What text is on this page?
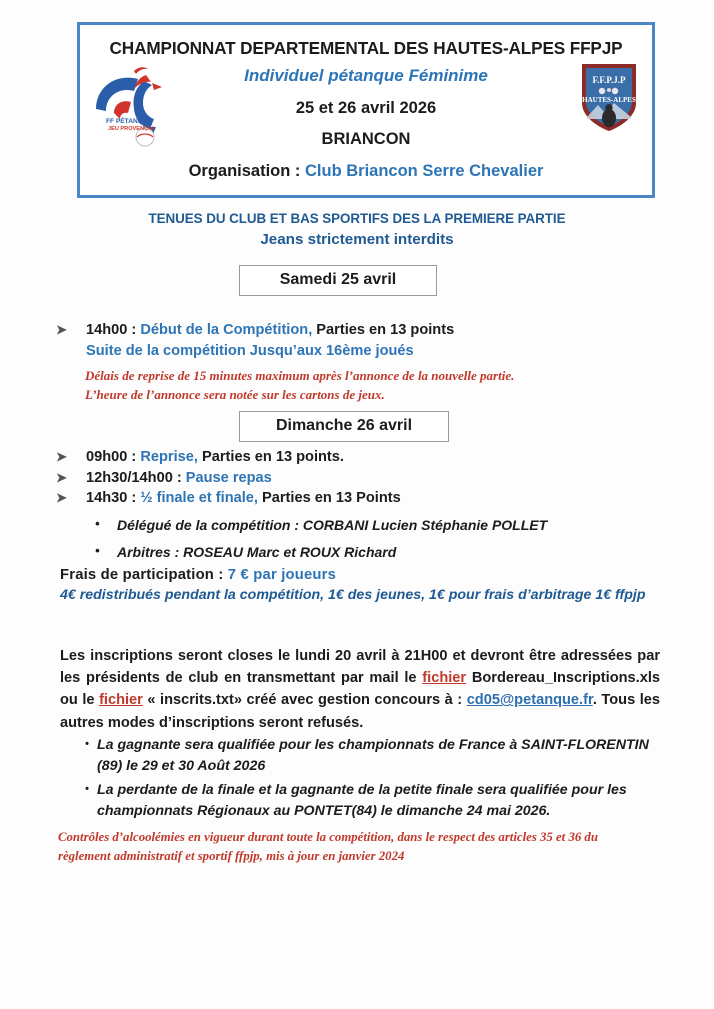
CHAMPIONNAT DEPARTEMENTAL DES HAUTES-ALPES FFPJP
Individuel pétanque Féminime
25 et 26 avril 2026
BRIANCON
Organisation : Club Briancon Serre Chevalier
FF PÉTANQUE
JEU PROVENÇAL
F.F.P.J.P
HAUTES-ALPES
TENUES DU CLUB ET BAS SPORTIFS DES LA PREMIERE PARTIE
Jeans strictement interdits
Samedi 25 avril
➤	14h00 : Début de la Compétition, Parties en 13 points
Suite de la compétition Jusqu’aux 16ème joués
Délais de reprise de 15 minutes maximum après l’annonce de la nouvelle partie.
L’heure de l’annonce sera notée sur les cartons de jeux.
Dimanche 26 avril
➤	09h00 : Reprise, Parties en 13 points.
➤	12h30/14h00 : Pause repas
➤	14h30 : ½ finale et finale, Parties en 13 Points
•	Délégué de la compétition : CORBANI Lucien Stéphanie POLLET
•	Arbitres : ROSEAU Marc et ROUX Richard
Frais de participation : 7 € par joueurs
4€ redistribués pendant la compétition, 1€ des jeunes, 1€ pour frais d’arbitrage 1€ ffpjp
Les inscriptions seront closes le lundi 20 avril à 21H00 et devront être adressées par les présidents de club en transmettant par mail le fichier Bordereau_Inscriptions.xls ou le fichier « inscrits.txt» créé avec gestion concours à : cd05@petanque.fr. Tous les autres modes d’inscriptions seront refusés.
• La gagnante sera qualifiée pour les championnats de France à SAINT-FLORENTIN (89) le 29 et 30 Août 2026
• La perdante de la finale et la gagnante de la petite finale sera qualifiée pour les championnats Régionaux au PONTET(84) le dimanche 24 mai 2026.
Contrôles d’alcoolémies en vigueur durant toute la compétition, dans le respect des articles 35 et 36 du
règlement administratif et sportif ffpjp, mis à jour en janvier 2024
